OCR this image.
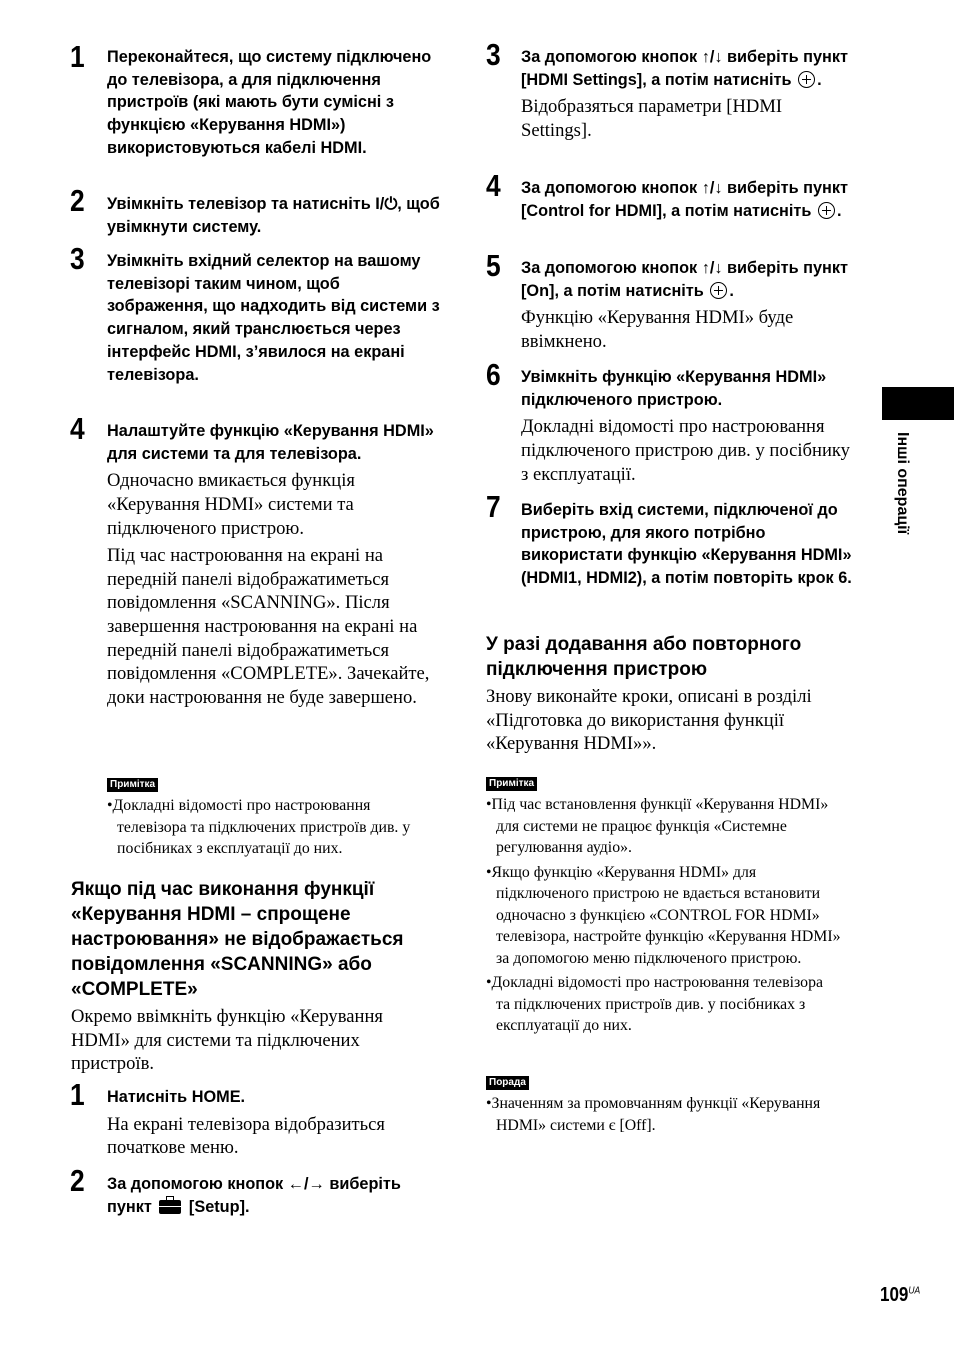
1 Переконайтеся, що систему підключено до телевізора, а для підключення пристроїв (які мають бути сумісні з функцією «Керування HDMI») використовуються кабелі HDMI.
2 Увімкніть телевізор та натисніть I/⏻, щоб увімкнути систему.
3 Увімкніть вхідний селектор на вашому телевізорі таким чином, щоб зображення, що надходить від системи з сигналом, який транслюється через інтерфейс HDMI, з’явилося на екрані телевізора.
4 Налаштуйте функцію «Керування HDMI» для системи та для телевізора.
Одночасно вмикається функція «Керування HDMI» системи та підключеного пристрою.
Під час настроювання на екрані на передній панелі відображатиметься повідомлення «SCANNING». Після завершення настроювання на екрані на передній панелі відображатиметься повідомлення «COMPLETE». Зачекайте, доки настроювання не буде завершено.
Примітка
•Докладні відомості про настроювання телевізора та підключених пристроїв див. у посібниках з експлуатації до них.
Якщо під час виконання функції «Керування HDMI – спрощене настроювання» не відображається повідомлення «SCANNING» або «COMPLETE»
Окремо ввімкніть функцію «Керування HDMI» для системи та підключених пристроїв.
1 Натисніть HOME.
На екрані телевізора відобразиться початкове меню.
2 За допомогою кнопок ←/→ виберіть пункт [Setup].
3 За допомогою кнопок ↑/↓ виберіть пункт [HDMI Settings], а потім натисніть .
Відобразяться параметри [HDMI Settings].
4 За допомогою кнопок ↑/↓ виберіть пункт [Control for HDMI], а потім натисніть .
5 За допомогою кнопок ↑/↓ виберіть пункт [On], а потім натисніть .
Функцію «Керування HDMI» буде ввімкнено.
6 Увімкніть функцію «Керування HDMI» підключеного пристрою.
Докладні відомості про настроювання підключеного пристрою див. у посібнику з експлуатації.
7 Виберіть вхід системи, підключеної до пристрою, для якого потрібно використати функцію «Керування HDMI» (HDMI1, HDMI2), а потім повторіть крок 6.
У разі додавання або повторного підключення пристрою
Знову виконайте кроки, описані в розділі «Підготовка до використання функції «Керування HDMI»».
Примітка
•Під час встановлення функції «Керування HDMI» для системи не працює функція «Системне регулювання аудіо».
•Якщо функцію «Керування HDMI» для підключеного пристрою не вдається встановити одночасно з функцією «CONTROL FOR HDMI» телевізора, настройте функцію «Керування HDMI» за допомогою меню підключеного пристрою.
•Докладні відомості про настроювання телевізора та підключених пристроїв див. у посібниках з експлуатації до них.
Порада
•Значенням за промовчанням функції «Керування HDMI» системи є [Off].
Інші операції
$109^{UA}$
